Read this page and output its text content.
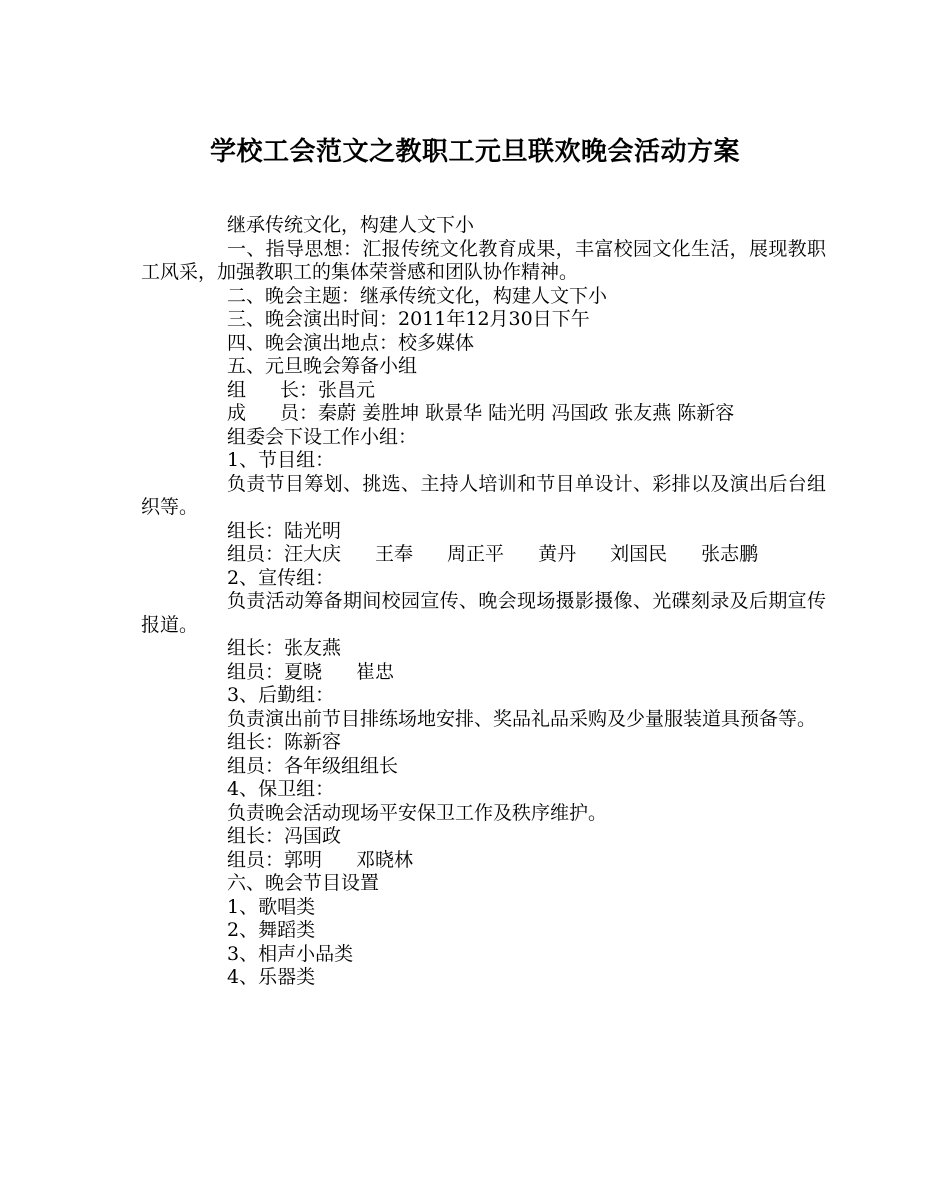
学校工会范文之教职工元旦联欢晚会活动方案

继承传统文化，构建人文下小

一、指导思想：汇报传统文化教育成果，丰富校园文化生活，展现教职工风采，加强教职工的集体荣誉感和团队协作精神。

二、晚会主题：继承传统文化，构建人文下小

三、晚会演出时间：2011年12月30日下午

四、晚会演出地点：校多媒体

五、元旦晚会筹备小组

组 长：张昌元

成 员：秦蔚 姜胜坤 耿景华 陆光明 冯国政 张友燕 陈新容

组委会下设工作小组：

1、节目组：

负责节目筹划、挑选、主持人培训和节目单设计、彩排以及演出后台组织等。

组长：陆光明

组员：汪大庆 王奉 周正平 黄丹 刘国民 张志鹏

2、宣传组：

负责活动筹备期间校园宣传、晚会现场摄影摄像、光碟刻录及后期宣传报道。

组长：张友燕

组员：夏晓 崔忠

3、后勤组：

负责演出前节目排练场地安排、奖品礼品采购及少量服装道具预备等。

组长：陈新容

组员：各年级组组长

4、保卫组：

负责晚会活动现场平安保卫工作及秩序维护。

组长：冯国政

组员：郭明 邓晓林

六、晚会节目设置

1、歌唱类

2、舞蹈类

3、相声小品类

4、乐器类
